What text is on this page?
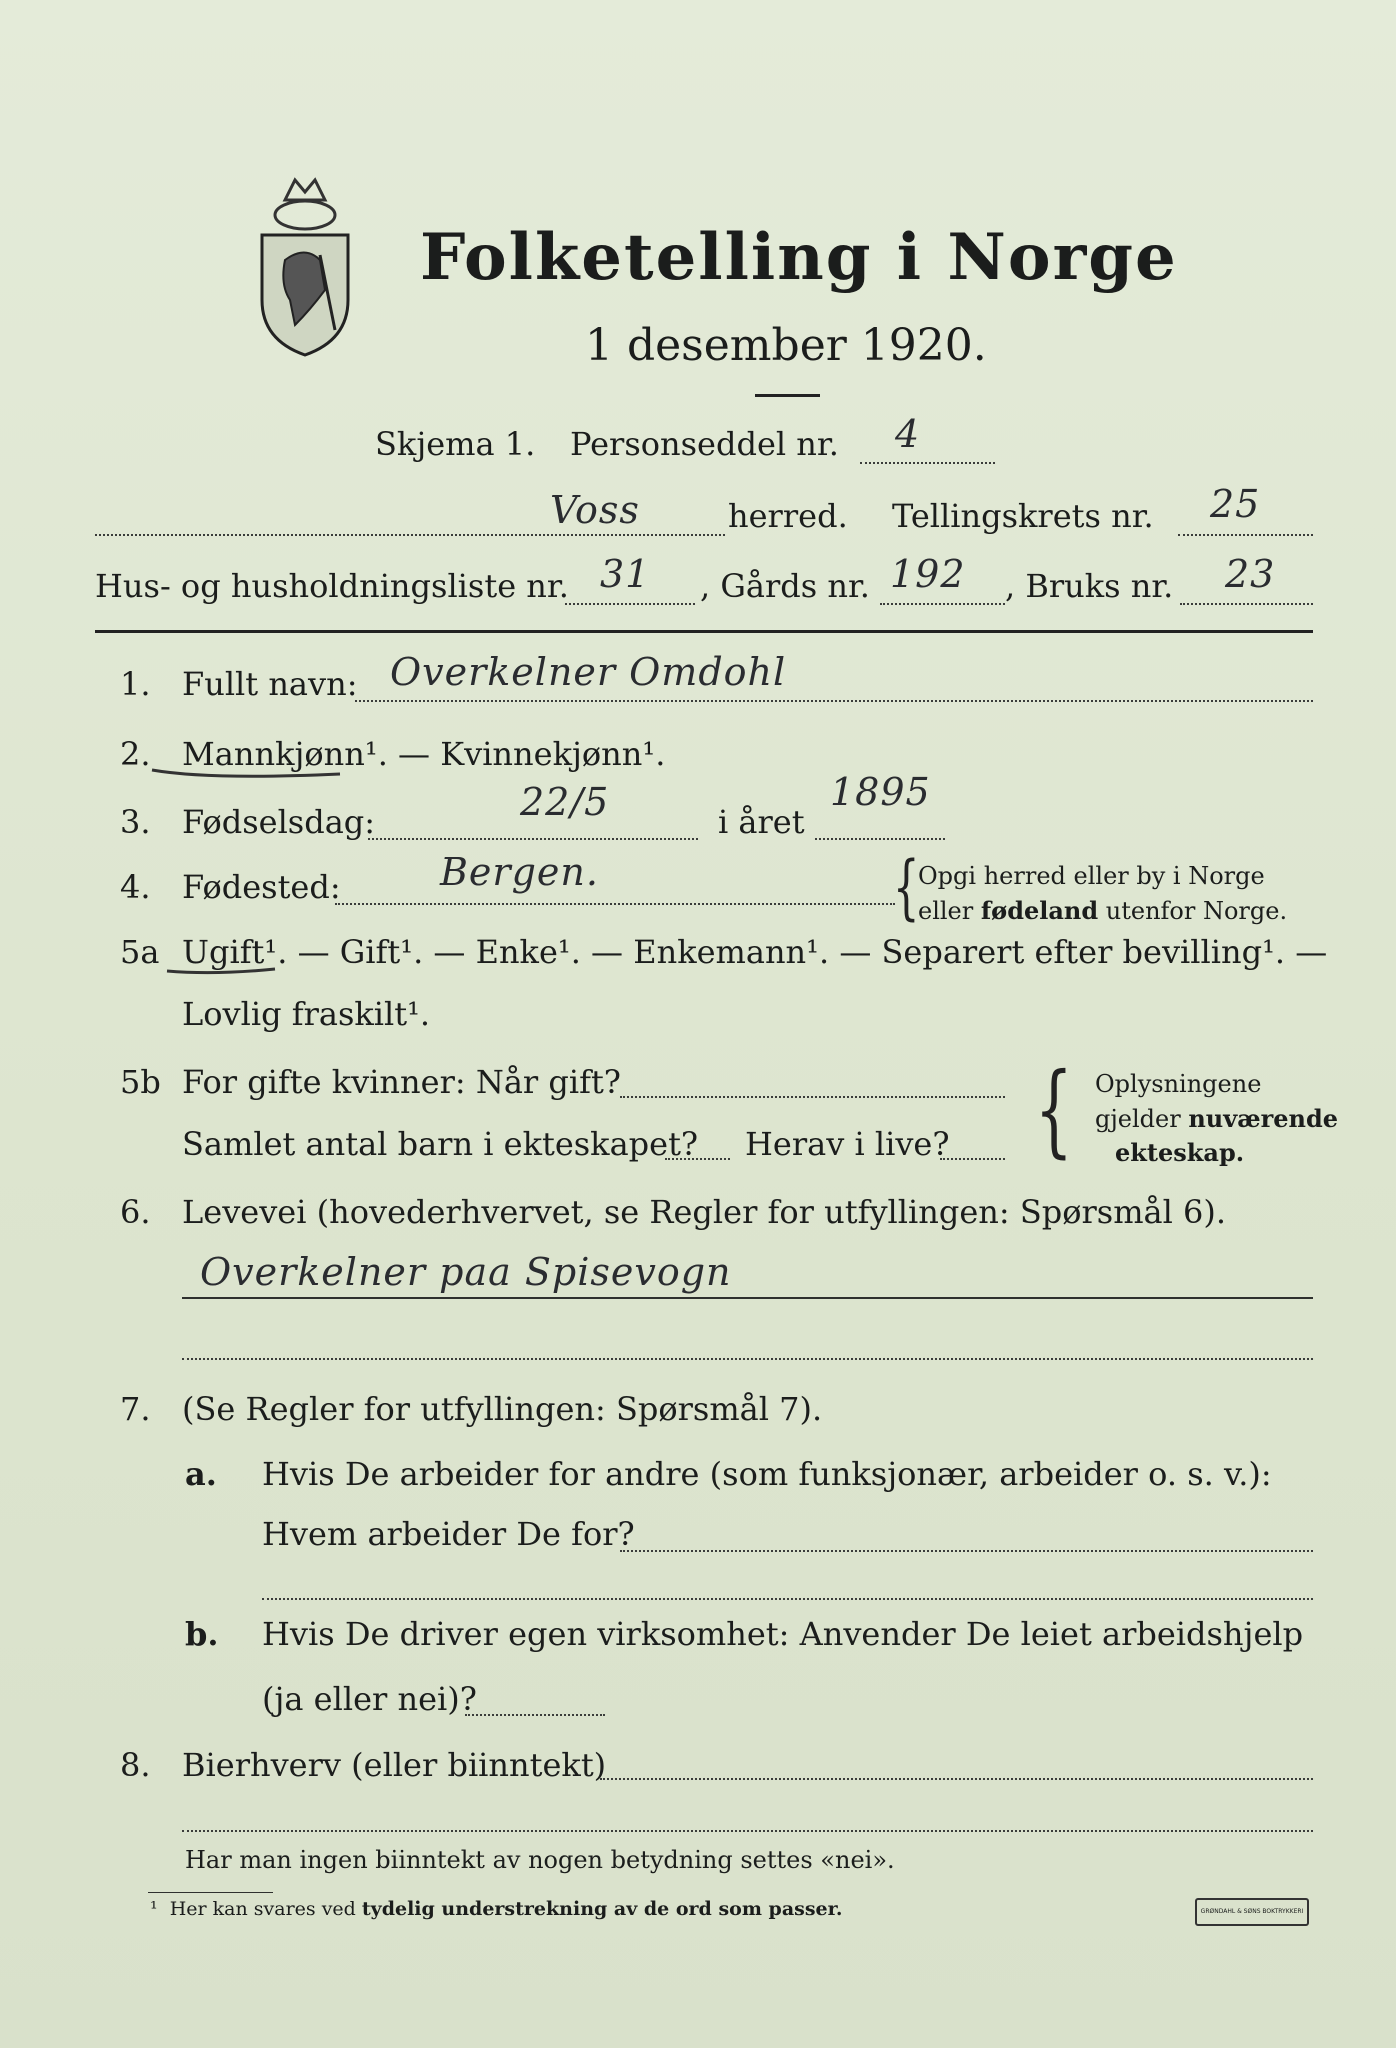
Folketelling i Norge
1 desember 1920.
Skjema 1. Personseddel nr. 4
Voss	herred. Tellingskrets nr. 25
Hus- og husholdningsliste nr. 31 , Gårds nr. 192 , Bruks nr. 23
1. Fullt navn: Overkelner Omdohl
2. Mannkjønn¹. — Kvinnekjønn¹.
3. Fødselsdag:	22/5	i året
1895
4. Fødested:	Bergen.	{
Opgi herred eller by i Norge
eller fødeland utenfor Norge.
5a Ugift¹. — Gift¹. — Enke¹. — Enkemann¹. — Separert efter bevilling¹. —
Lovlig fraskilt¹.
5b For gifte kvinner: Når gift?
Samlet antal barn i ekteskapet? Herav i live? { Oplysningene
gjelder nuværende
ekteskap.
6. Levevei (hovederhvervet, se Regler for utfyllingen: Spørsmål 6).
Overkelner paa Spisevogn
7. (Se Regler for utfyllingen: Spørsmål 7).
a. Hvis De arbeider for andre (som funksjonær, arbeider o. s. v.):
Hvem arbeider De for?
b. Hvis De driver egen virksomhet: Anvender De leiet arbeidshjelp
(ja eller nei)?
8. Bierhverv (eller biinntekt)
Har man ingen biinntekt av nogen betydning settes «nei».
¹ Her kan svares ved tydelig understrekning av de ord som passer.	GRØNDAHL & SØNS BOKTRYKKERI
